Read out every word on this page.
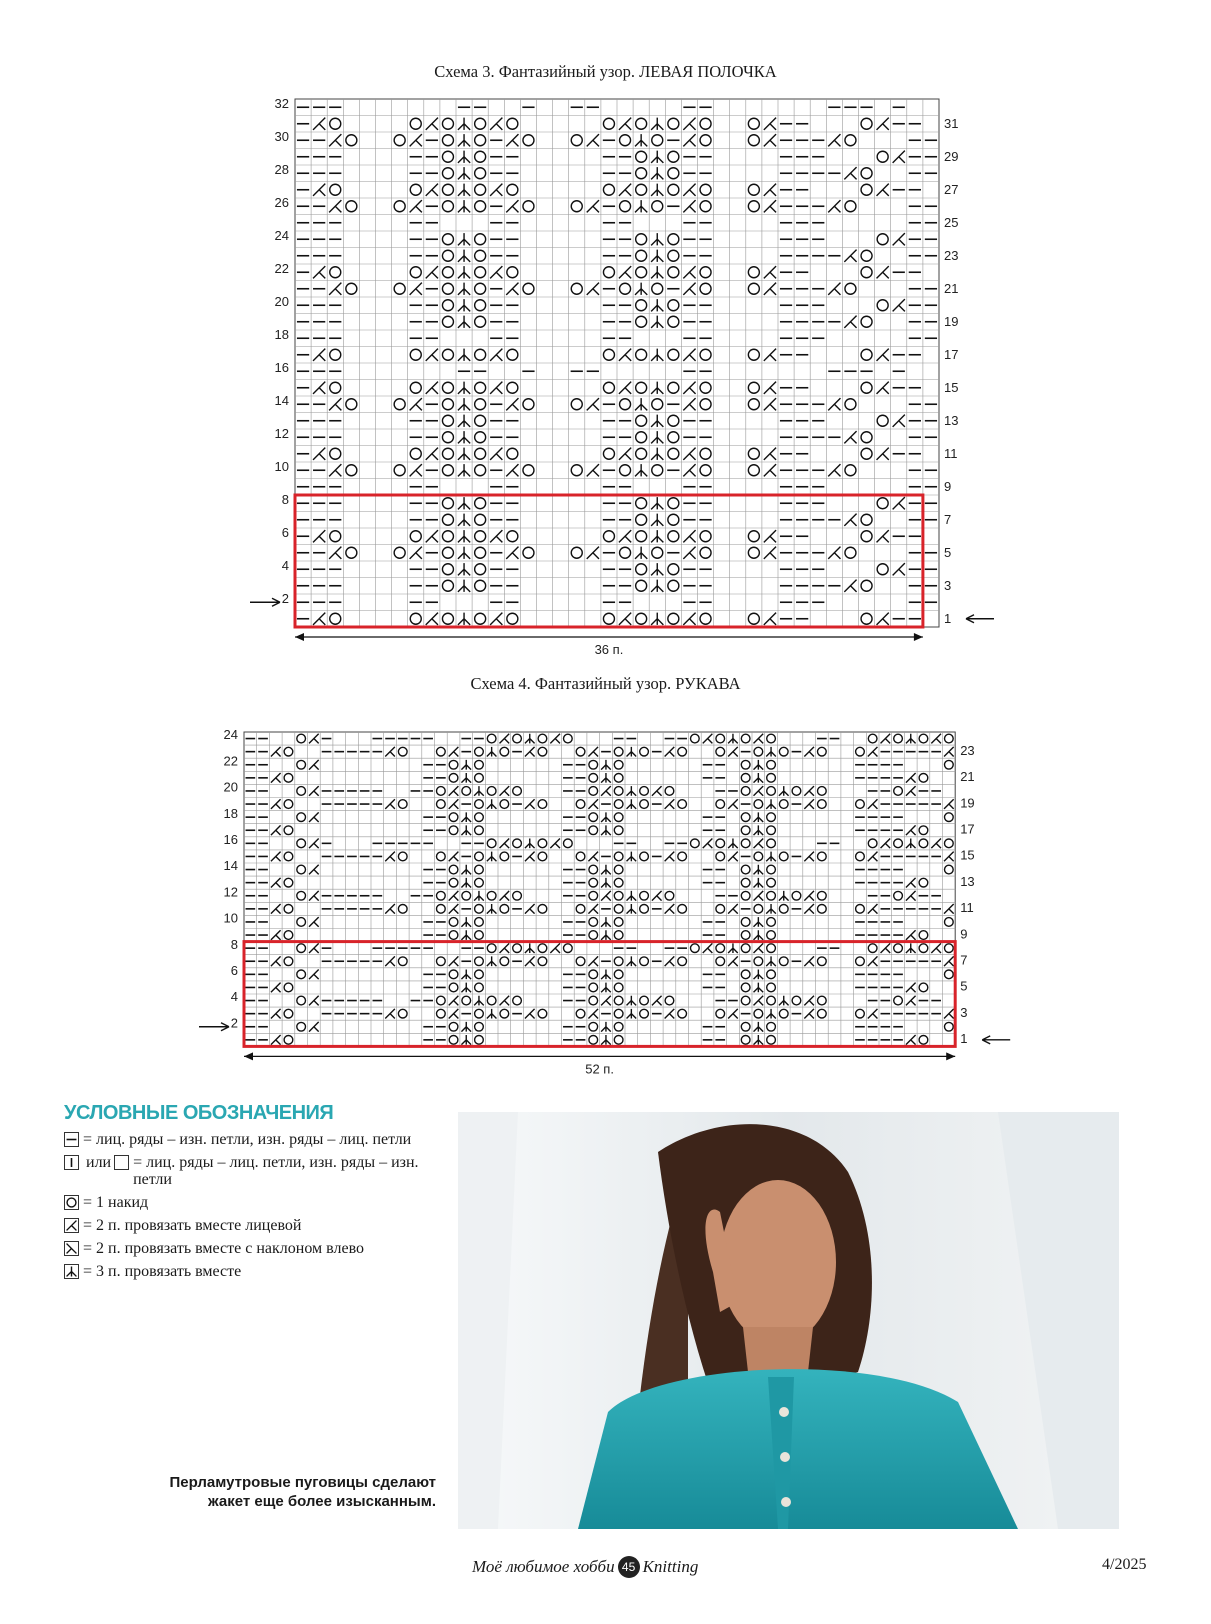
Схема 3. Фантазийный узор. ЛЕВАЯ ПОЛОЧКА
Схема 4. Фантазийный узор. РУКАВА
32
30
28
26
24
22
20
18
16
14
12
10
8
6
4
2
31
29
27
25
23
21
19
17
15
13
11
9
7
5
3
1
36 п.
24
22
20
18
16
14
12
10
8
6
4
2
23
21
19
17
15
13
11
9
7
5
3
1
52 п.
УСЛОВНЫЕ ОБОЗНАЧЕНИЯ
= лиц. ряды – изн. петли, изн. ряды – лиц. петли
или = лиц. ряды – лиц. петли, изн. ряды – изн. петли
= 1 накид
= 2 п. провязать вместе лицевой
= 2 п. провязать вместе с наклоном влево
= 3 п. провязать вместе
Перламутровые пуговицы сделают жакет еще более изысканным.
Моё любимое хобби 45 Knitting	4/2025
